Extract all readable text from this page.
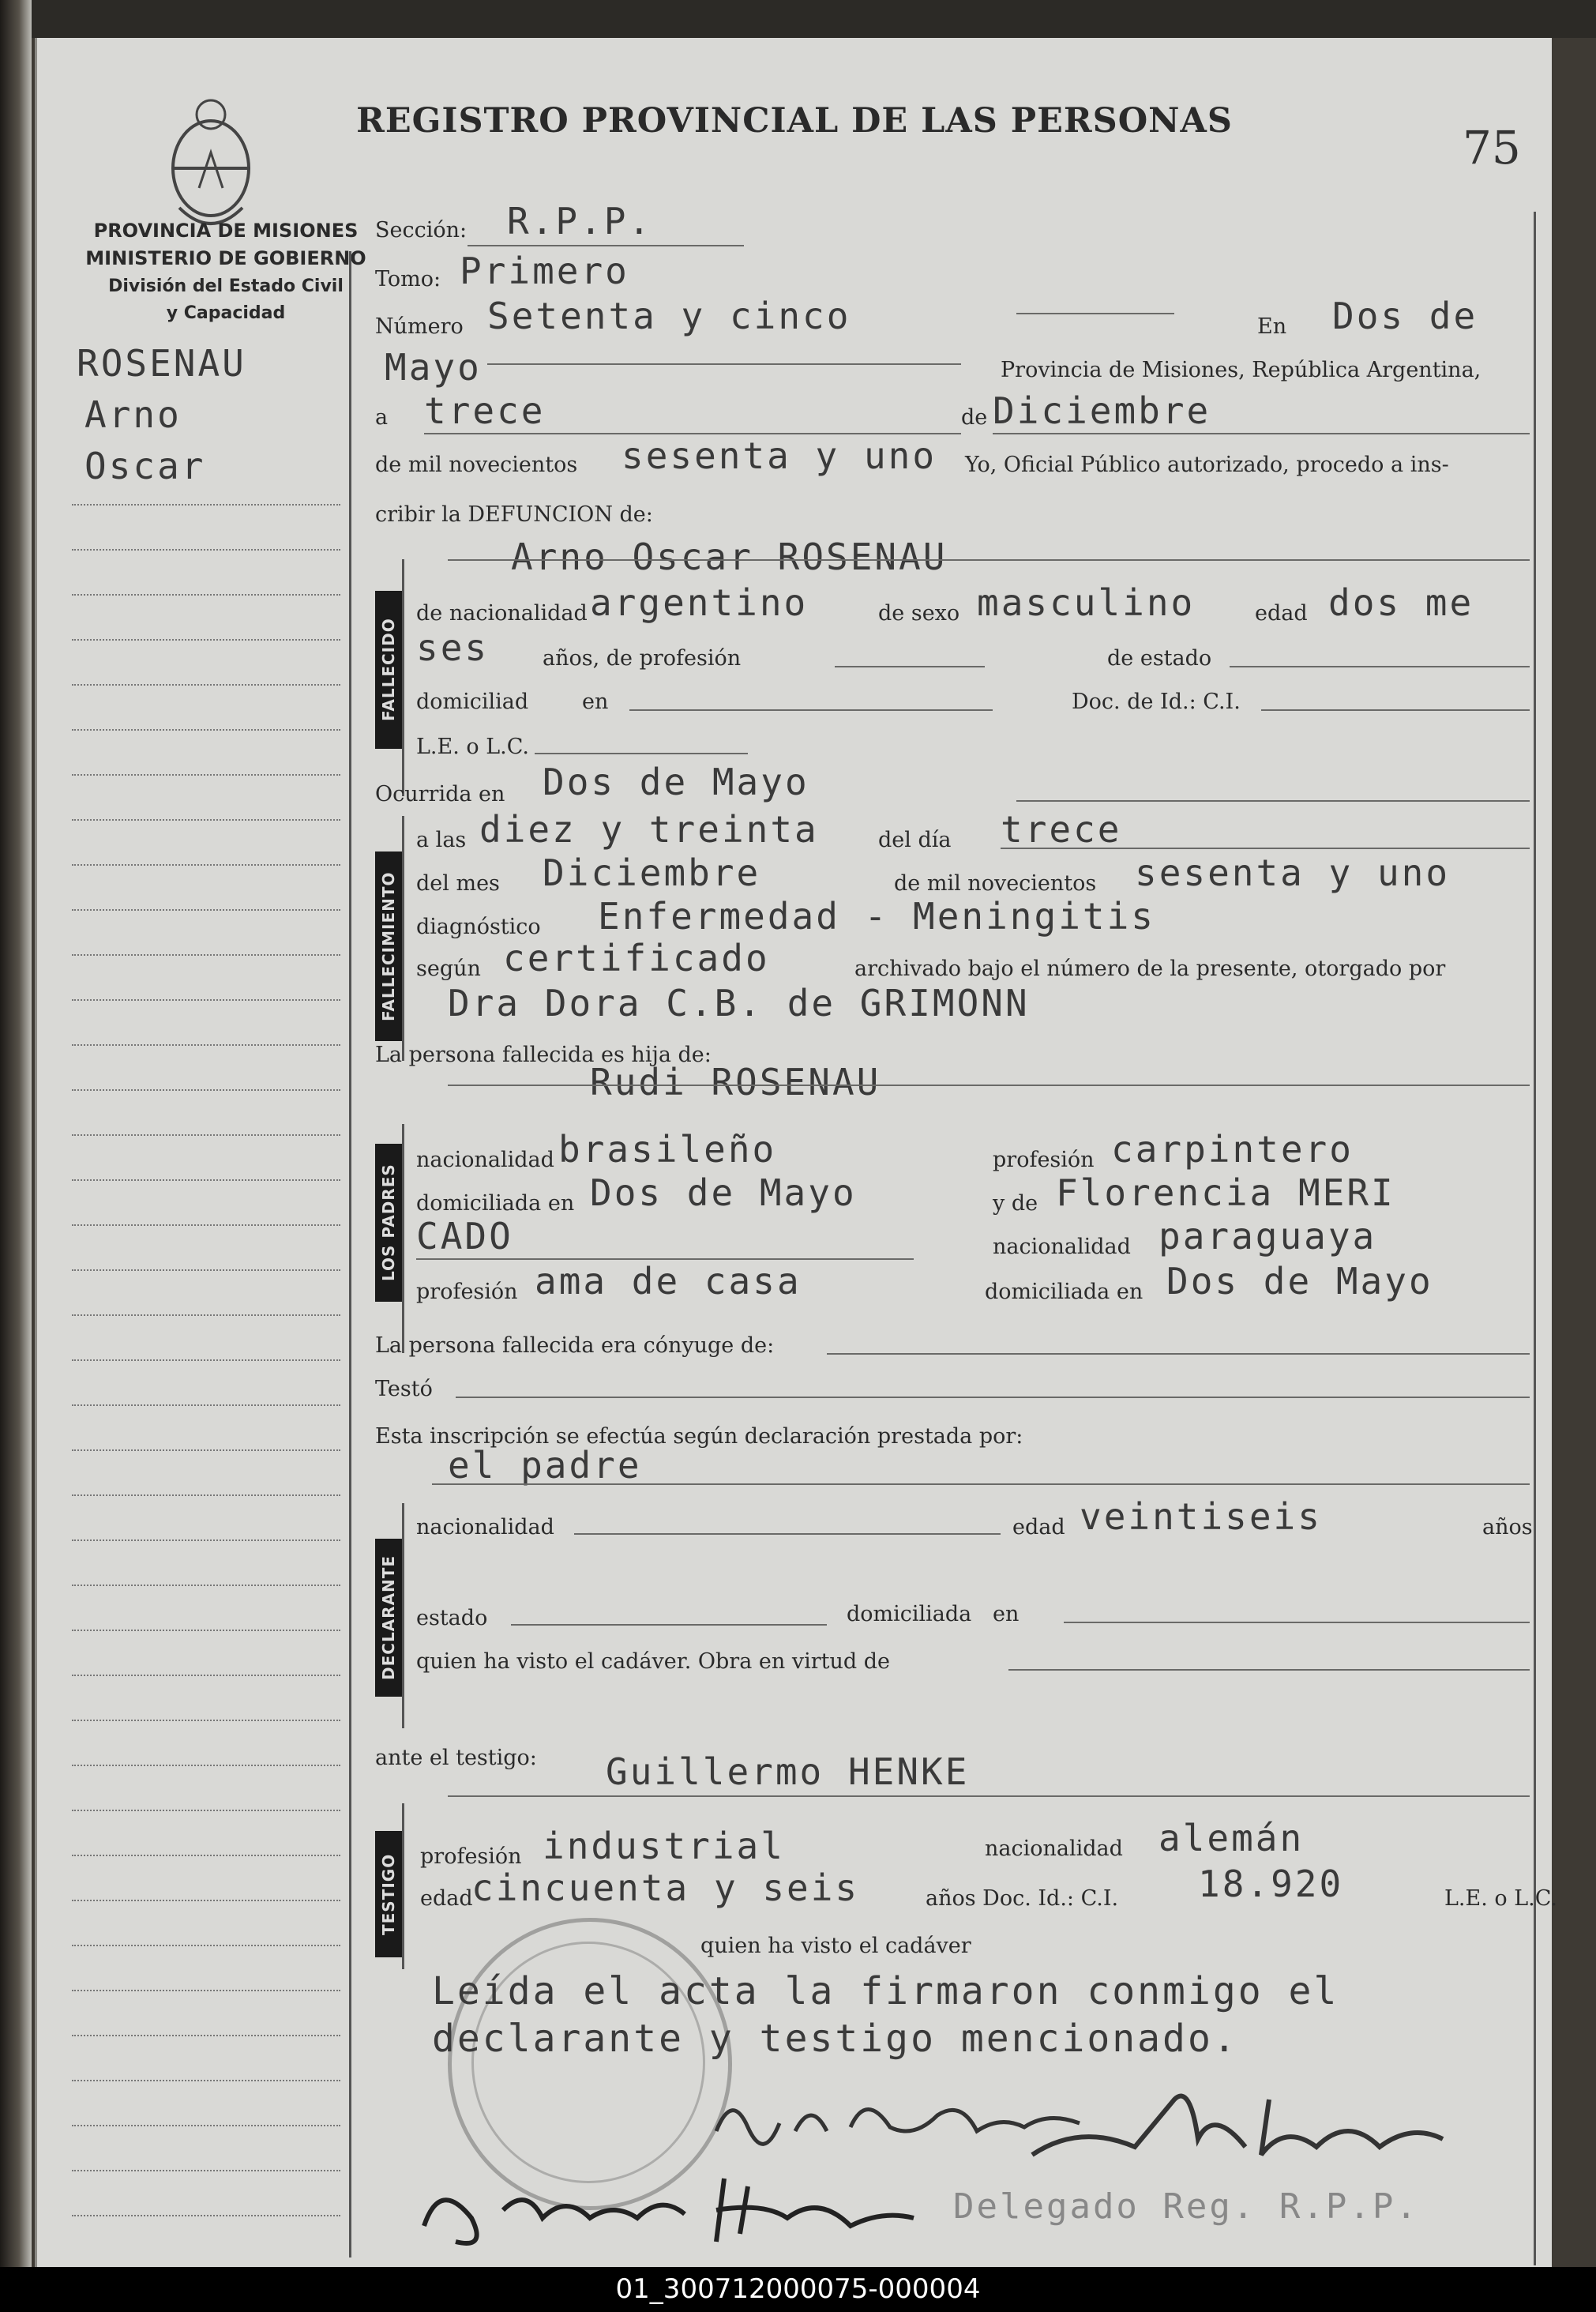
PROVINCIA DE MISIONES
MINISTERIO DE GOBIERNO
División del Estado Civil
y Capacidad
REGISTRO PROVINCIAL DE LAS PERSONAS	75
ROSENAU
Arno
Oscar
Sección: R.P.P.
Tomo: Primero
Número Setenta y cinco	En Dos de
Mayo	Provincia de Misiones, República Argentina,
a trece	de Diciembre
de mil novecientos sesenta y uno Yo, Oficial Público autorizado, procedo a ins-
cribir la DEFUNCION de:
FALLECIDO
Arno Oscar ROSENAU
de nacionalidad argentino	de sexo masculino	edad dos me
ses	años, de profesión	de estado
domiciliad	en	Doc. de Id.: C.I.
L.E. o L.C.
Ocurrida en Dos de Mayo
FALLECIMIENTO
a las diez y treinta	del día trece
del mes Diciembre	de mil novecientos sesenta y uno
diagnóstico Enfermedad - Meningitis
según certificado	archivado bajo el número de la presente, otorgado por
Dra Dora C.B. de GRIMONN
La persona fallecida es hija de:
Rudi ROSENAU
LOS PADRES
nacionalidad brasileño	profesión carpintero
domiciliada en Dos de Mayo	y de Florencia MERI
CADO	nacionalidad paraguaya
profesión ama de casa	domiciliada en Dos de Mayo
La persona fallecida era cónyuge de:
Testó
Esta inscripción se efectúa según declaración prestada por:
el padre
DECLARANTE
nacionalidad	edad veintiseis	años
estado	domiciliada en
quien ha visto el cadáver. Obra en virtud de
ante el testigo: Guillermo HENKE
TESTIGO profesión industrial	nacionalidad alemán
edad
cincuenta y seis	años Doc. Id.: C.I. 18.920	L.E. o L.C.
quien ha visto el cadáver
Leída el acta la firmaron conmigo el
declarante y testigo mencionado.
Delegado Reg. R.P.P.
01_300712000075-000004
